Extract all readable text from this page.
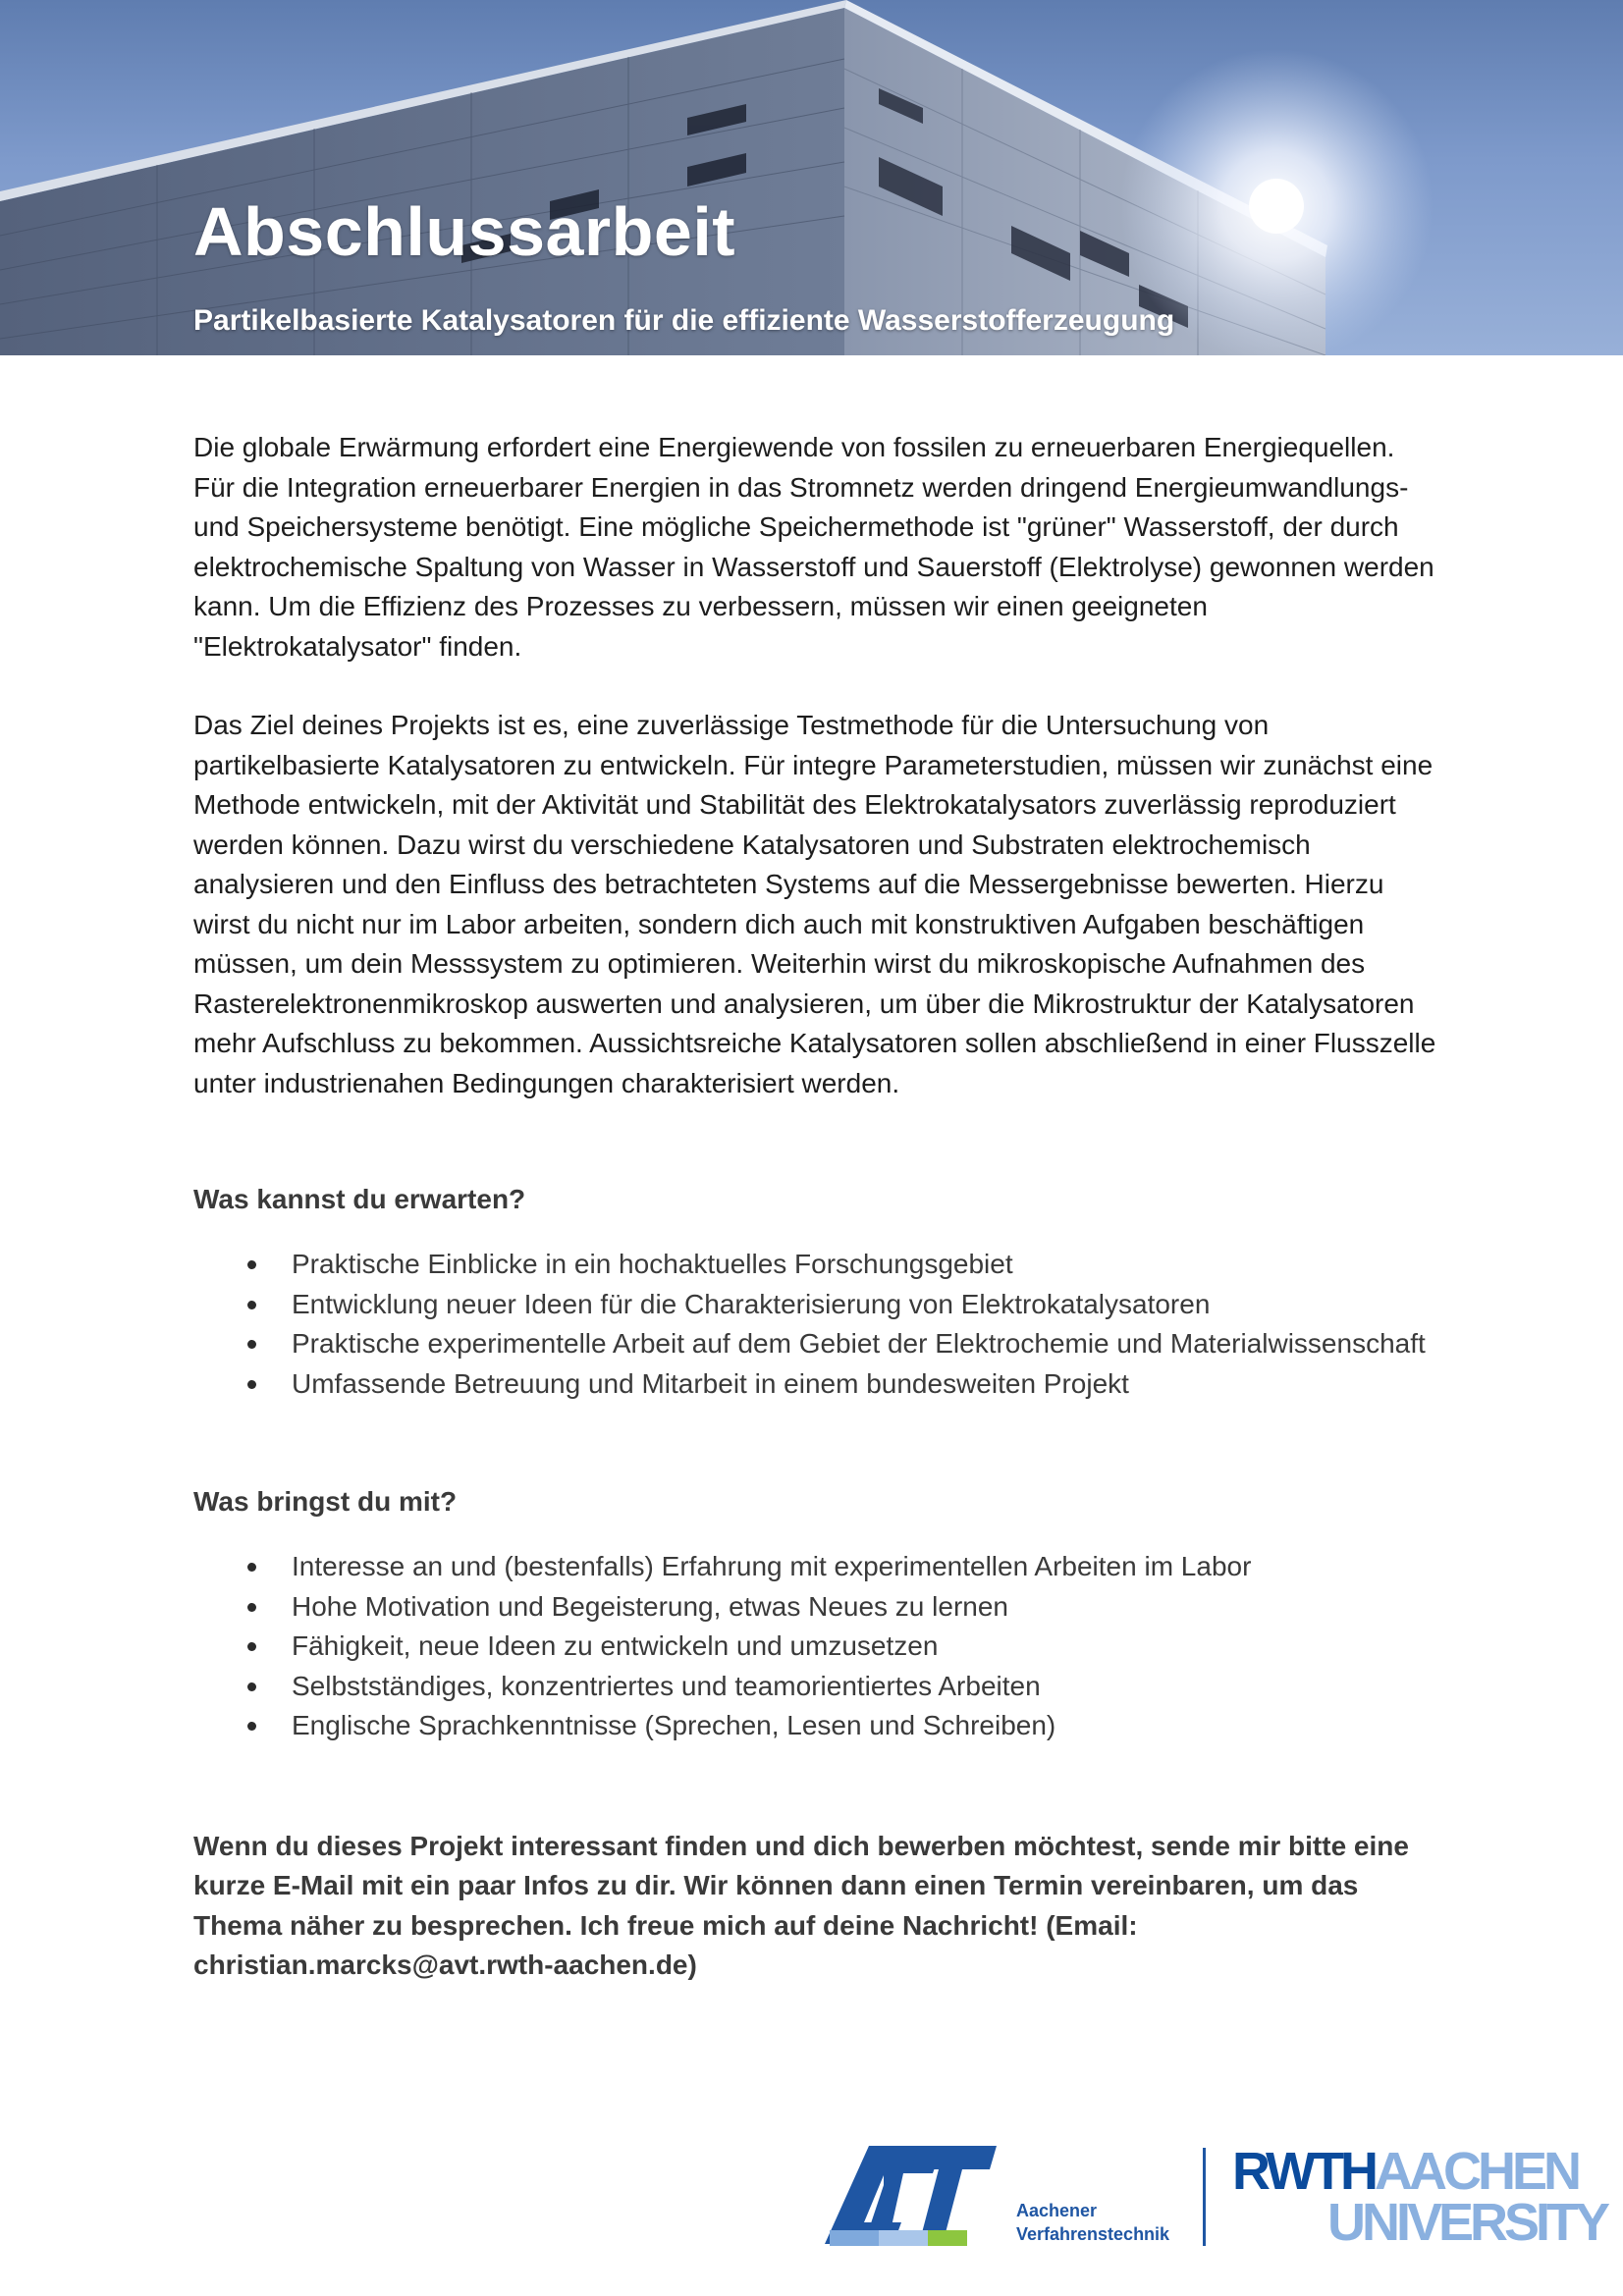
Abschlussarbeit
Partikelbasierte Katalysatoren für die effiziente Wasserstofferzeugung

Die globale Erwärmung erfordert eine Energiewende von fossilen zu erneuerbaren Energiequellen. Für die Integration erneuerbarer Energien in das Stromnetz werden dringend Energieumwandlungs- und Speichersysteme benötigt. Eine mögliche Speichermethode ist "grüner" Wasserstoff, der durch elektrochemische Spaltung von Wasser in Wasserstoff und Sauerstoff (Elektrolyse) gewonnen werden kann. Um die Effizienz des Prozesses zu verbessern, müssen wir einen geeigneten "Elektrokatalysator" finden.

Das Ziel deines Projekts ist es, eine zuverlässige Testmethode für die Untersuchung von partikelbasierte Katalysatoren zu entwickeln. Für integre Parameterstudien, müssen wir zunächst eine Methode entwickeln, mit der Aktivität und Stabilität des Elektrokatalysators zuverlässig reproduziert werden können. Dazu wirst du verschiedene Katalysatoren und Substraten elektrochemisch analysieren und den Einfluss des betrachteten Systems auf die Messergebnisse bewerten. Hierzu wirst du nicht nur im Labor arbeiten, sondern dich auch mit konstruktiven Aufgaben beschäftigen müssen, um dein Messsystem zu optimieren. Weiterhin wirst du mikroskopische Aufnahmen des Rasterelektronenmikroskop auswerten und analysieren, um über die Mikrostruktur der Katalysatoren mehr Aufschluss zu bekommen. Aussichtsreiche Katalysatoren sollen abschließend in einer Flusszelle unter industrienahen Bedingungen charakterisiert werden.

Was kannst du erwarten?
Praktische Einblicke in ein hochaktuelles Forschungsgebiet
Entwicklung neuer Ideen für die Charakterisierung von Elektrokatalysatoren
Praktische experimentelle Arbeit auf dem Gebiet der Elektrochemie und Materialwissenschaft
Umfassende Betreuung und Mitarbeit in einem bundesweiten Projekt
Was bringst du mit?
Interesse an und (bestenfalls) Erfahrung mit experimentellen Arbeiten im Labor
Hohe Motivation und Begeisterung, etwas Neues zu lernen
Fähigkeit, neue Ideen zu entwickeln und umzusetzen
Selbstständiges, konzentriertes und teamorientiertes Arbeiten
Englische Sprachkenntnisse (Sprechen, Lesen und Schreiben)

Wenn du dieses Projekt interessant finden und dich bewerben möchtest, sende mir bitte eine kurze E-Mail mit ein paar Infos zu dir. Wir können dann einen Termin vereinbaren, um das Thema näher zu besprechen. Ich freue mich auf deine Nachricht! (Email: christian.marcks@avt.rwth-aachen.de)

Aachener
Verfahrenstechnik
RWTHAACHEN
UNIVERSITY
